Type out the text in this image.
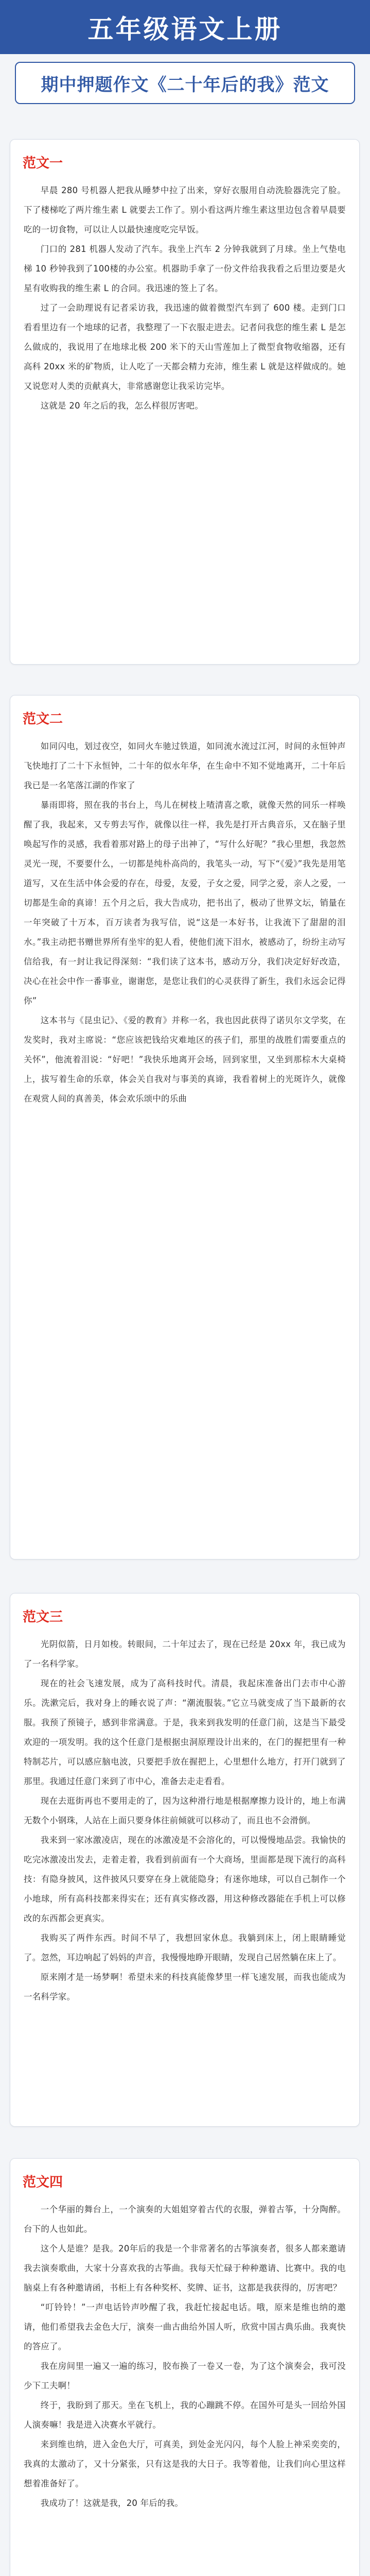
五年级语文上册
期中押题作文《二十年后的我》范文
范文一

早晨 280 号机器人把我从睡梦中拉了出来，穿好衣服用自动洗脸器洗完了脸。下了楼梯吃了两片维生素 L 就要去工作了。别小看这两片维生素这里边包含着早晨要吃的一切食物，可以让人以最快速度吃完早饭。

门口的 281 机器人发动了汽车。我坐上汽车 2 分钟我就到了月球。坐上气垫电梯 10 秒钟我到了100楼的办公室。机器助手拿了一份文件给我我看之后里边要是火星有收购我的维生素 L 的合同。我迅速的签上了名。

过了一会助理说有记者采访我，我迅速的做着微型汽车到了 600 楼。走到门口看看里边有一个地球的记者，我整理了一下衣服走进去。记者问我您的维生素 L 是怎么做成的，我说用了在地球北极 200 米下的天山雪莲加上了微型食物收缩器，还有高科 20xx 米的矿物质，让人吃了一天都会精力充沛，维生素 L 就是这样做成的。她又说您对人类的贡献真大，非常感谢您让我采访完毕。

这就是 20 年之后的我，怎么样很厉害吧。

范文二

如同闪电，划过夜空，如同火车驰过铁道，如同流水流过江河，时间的永恒钟声飞快地打了二十下永恒钟，二十年的似水年华，在生命中不知不觉地离开，二十年后我已是一名笔落江湖的作家了

暴雨即将，照在我的书台上，鸟儿在树枝上喳清喜之歌，就像天然的同乐一样唤醒了我，我起来，又专剪去写作，就像以往一样，我先是打开古典音乐，又在脑子里唤起写作的灵感，我看着那对路上的母子出神了，“写什么好呢？”我心里想，我忽然灵光一现，不要要什么，一切都是纯朴高尚的，我笔头一动，写下“《爱》”我先是用笔道写，又在生活中体会爱的存在，母爱，友爱，子女之爱，同学之爱，亲人之爱，一切都是生命的真谛！五个月之后，我大告成功，把书出了，极动了世界文坛，销量在一年突破了十万本，百万读者为我写信，说“这是一本好书，让我流下了甜甜的泪水。”我主动把书赠世界所有坐牢的犯人看，使他们流下泪水，被感动了，纷纷主动写信给我，有一封让我记得深刻：“我们读了这本书，感动万分，我们决定好好改造，决心在社会中作一番事业，谢谢您，是您让我们的心灵获得了新生，我们永远会记得你”

这本书与《昆虫记》、《爱的教育》并称一名，我也因此获得了诺贝尔文学奖，在发奖时，我对主席说：“您应该把钱给灾难地区的孩子们，那里的战胜们需要重点的关怀”，他流着泪说：“好吧！”我快乐地离开会场，回到家里，又坐到那棕木大桌椅上，拔写着生命的乐章，体会关自我对与事美的真谛，我看着树上的光斑许久，就像在观赏人间的真善美，体会欢乐颂中的乐曲

范文三

光阴似箭，日月如梭。转眼间，二十年过去了，现在已经是 20xx 年，我已成为了一名科学家。

现在的社会飞速发展，成为了高科技时代。清晨，我起床准备出门去市中心游乐。洗漱完后，我对身上的睡衣说了声：“潮流服装。”它立马就变成了当下最新的衣服。我预了预镜子，感到非常满意。于是，我来到我发明的任意门前，这是当下最受欢迎的一项发明。我的这个任意门是根据虫洞原理设计出来的，在门的握把里有一种特制芯片，可以感应脑电波，只要把手放在握把上，心里想什么地方，打开门就到了那里。我通过任意门来到了市中心，准备去走走看看。

现在去逛街再也不要用走的了，因为这种滑行地是根据摩擦力设计的，地上布满无数个小钢珠，人站在上面只要身体往前倾就可以移动了，而且也不会滑倒。

我来到一家冰激凌店，现在的冰激凌是不会溶化的，可以慢慢地品尝。我愉快的吃完冰激凌出发去，走着走着，我看到前面有一个大商场，里面都是现下流行的高科技：有隐身披风，这件披风只要穿在身上就能隐身；有迷你地球，可以自己制作一个小地球，所有高科技都来得实在；还有真实修改器，用这种修改器能在手机上可以修改的东西都会更真实。

我购买了两件东西。时间不早了，我想回家休息。我躺到床上，闭上眼睛睡觉了。忽然，耳边响起了妈妈的声音，我慢慢地睁开眼睛，发现自己居然躺在床上了。

原来刚才是一场梦啊！希望未来的科技真能像梦里一样飞速发展，而我也能成为一名科学家。

范文四

一个华丽的舞台上，一个演奏的大姐姐穿着古代的衣服，弹着古筝，十分陶醉。台下的人也如此。

这个人是谁？是我。20年后的我是一个非常著名的古筝演奏者，很多人都来邀请我去演奏歌曲，大家十分喜欢我的古筝曲。我每天忙碌于种种邀请、比赛中。我的电脑桌上有各种邀请函，书柜上有各种奖杯、奖牌、证书，这都是我获得的，厉害吧？

“叮铃铃！”一声电话铃声吵醒了我，我赶忙接起电话。哦，原来是维也纳的邀请，他们希望我去金色大厅，演奏一曲古曲给外国人听，欣赏中国古典乐曲。我爽快的答应了。

我在房间里一遍又一遍的练习，胶布换了一卷又一卷，为了这个演奏会，我可没少下工夫啊！

终于，我盼到了那天。坐在飞机上，我的心蹦跳不停。在国外可是头一回给外国人演奏嘛！我是进入决赛水平就行。

来到维也纳，进入金色大厅，可真美，到处金光闪闪，每个人脸上神采奕奕的，我真的太激动了，又十分紧张，只有这是我的大日子。我等着他，让我们向心里这样想着准备好了。

我成功了！这就是我，20 年后的我。
